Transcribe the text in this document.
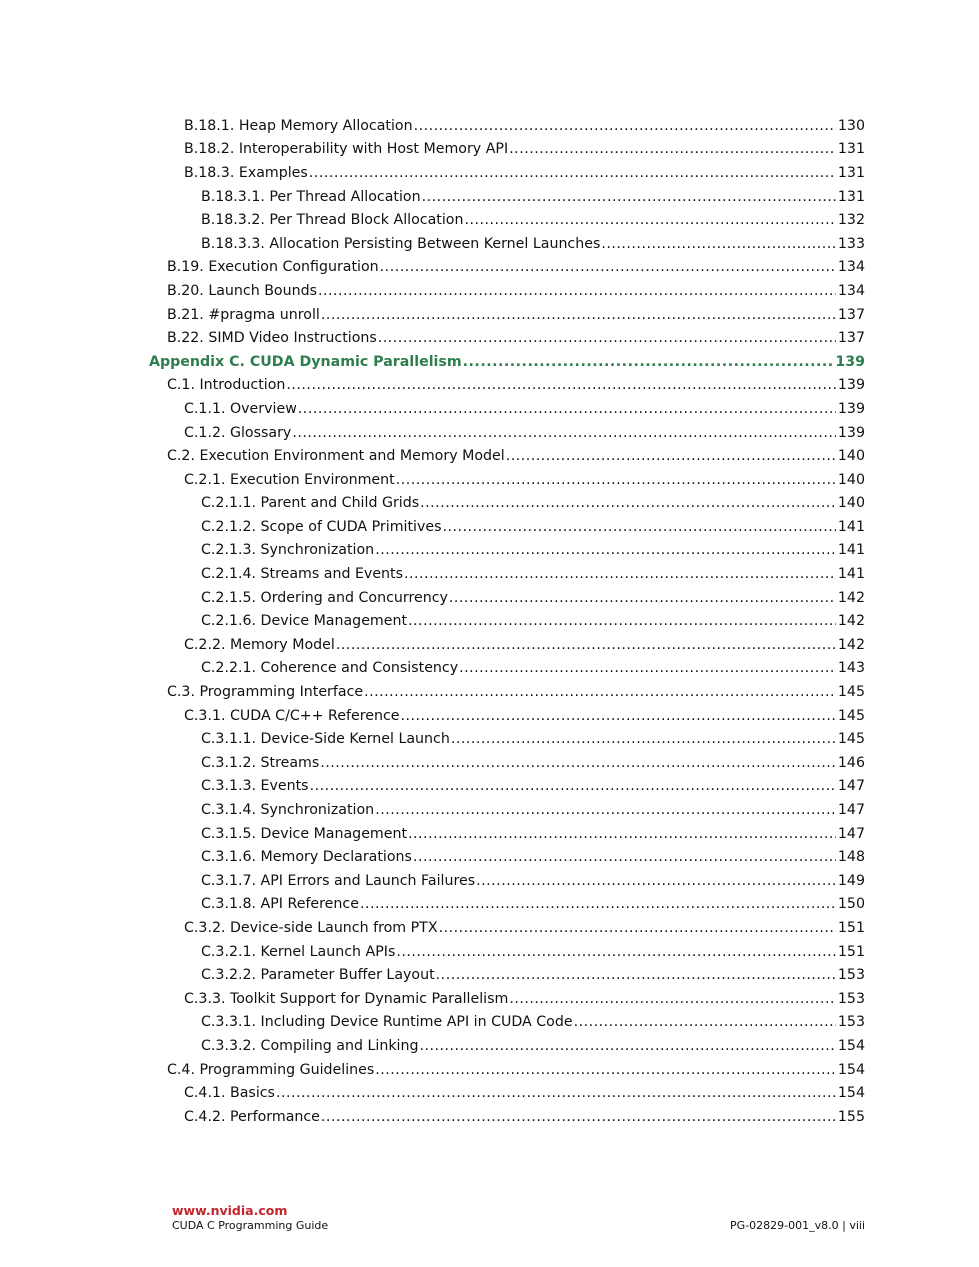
B.18.1. Heap Memory Allocation .....	130
B.18.2. Interoperability with Host Memory API .....	131
B.18.3. Examples .....	131
B.18.3.1. Per Thread Allocation .....	131
B.18.3.2. Per Thread Block Allocation .....	132
B.18.3.3. Allocation Persisting Between Kernel Launches .....	133
B.19. Execution Configuration .....	134
B.20. Launch Bounds .....	134
B.21. #pragma unroll .....	137
B.22. SIMD Video Instructions .....	137
Appendix C. CUDA Dynamic Parallelism .....	139
C.1. Introduction .....	139
C.1.1. Overview .....	139
C.1.2. Glossary .....	139
C.2. Execution Environment and Memory Model .....	140
C.2.1. Execution Environment .....	140
C.2.1.1. Parent and Child Grids .....	140
C.2.1.2. Scope of CUDA Primitives .....	141
C.2.1.3. Synchronization .....	141
C.2.1.4. Streams and Events .....	141
C.2.1.5. Ordering and Concurrency .....	142
C.2.1.6. Device Management .....	142
C.2.2. Memory Model .....	142
C.2.2.1. Coherence and Consistency .....	143
C.3. Programming Interface .....	145
C.3.1. CUDA C/C++ Reference .....	145
C.3.1.1. Device-Side Kernel Launch .....	145
C.3.1.2. Streams .....	146
C.3.1.3. Events .....	147
C.3.1.4. Synchronization .....	147
C.3.1.5. Device Management .....	147
C.3.1.6. Memory Declarations .....	148
C.3.1.7. API Errors and Launch Failures .....	149
C.3.1.8. API Reference .....	150
C.3.2. Device-side Launch from PTX .....	151
C.3.2.1. Kernel Launch APIs .....	151
C.3.2.2. Parameter Buffer Layout .....	153
C.3.3. Toolkit Support for Dynamic Parallelism .....	153
C.3.3.1. Including Device Runtime API in CUDA Code .....	153
C.3.3.2. Compiling and Linking .....	154
C.4. Programming Guidelines .....	154
C.4.1. Basics .....	154
C.4.2. Performance .....	155
www.nvidia.com
CUDA C Programming Guide	PG-02829-001_v8.0 | viii
